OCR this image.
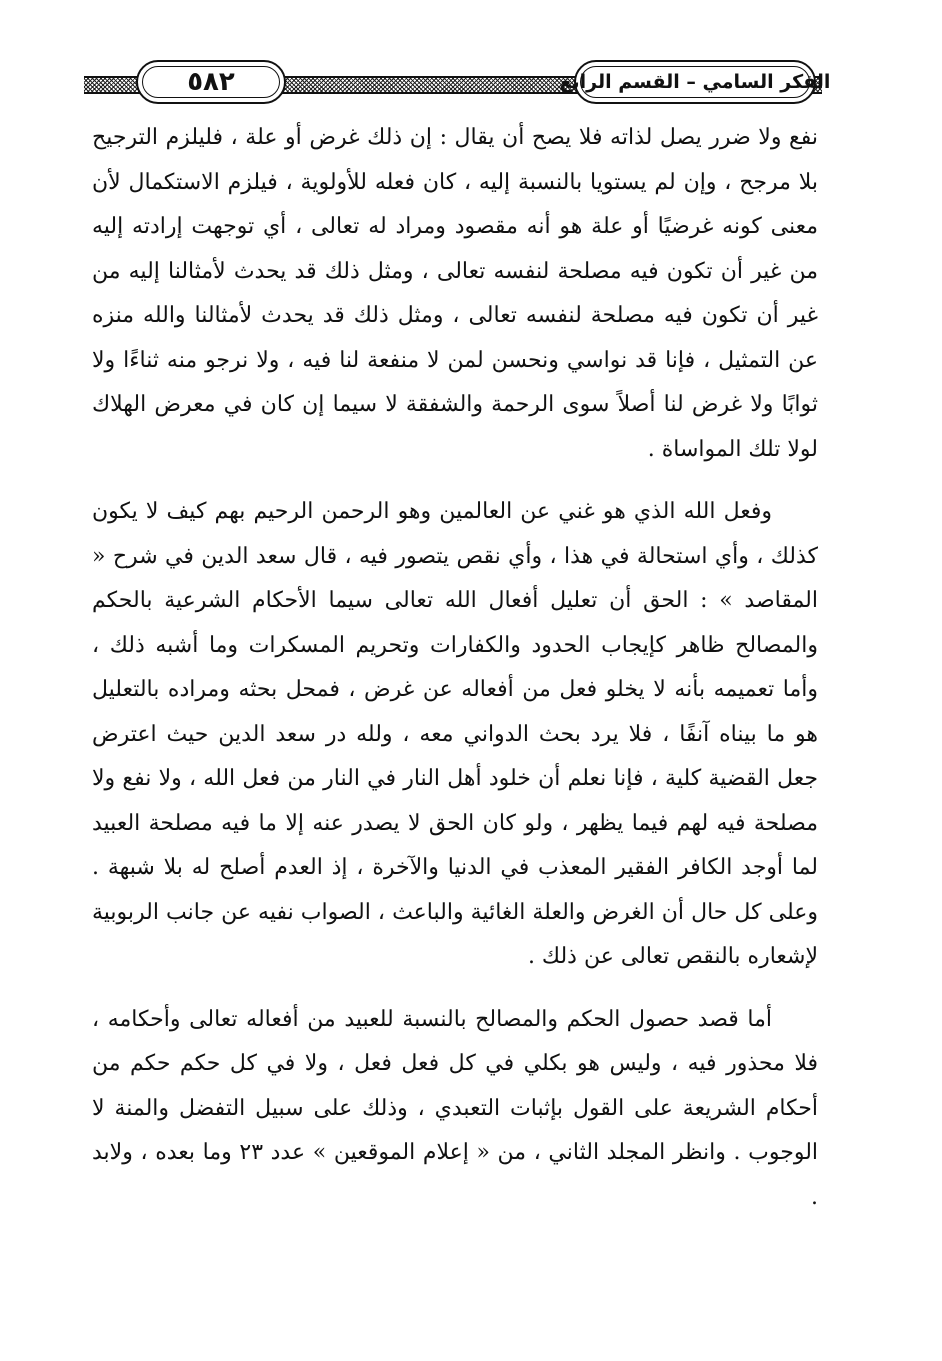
٥٨٢	الفكر السامي – القسم الرابع

نفع ولا ضرر يصل لذاته فلا يصح أن يقال : إن ذلك غرض أو علة ، فليلزم الترجيح بلا مرجح ، وإن لم يستويا بالنسبة إليه ، كان فعله للأولوية ، فيلزم الاستكمال لأن معنى كونه غرضيًا أو علة هو أنه مقصود ومراد له تعالى ، أي توجهت إرادته إليه من غير أن تكون فيه مصلحة لنفسه تعالى ، ومثل ذلك قد يحدث لأمثالنا إليه من غير أن تكون فيه مصلحة لنفسه تعالى ، ومثل ذلك قد يحدث لأمثالنا والله منزه عن التمثيل ، فإنا قد نواسي ونحسن لمن لا منفعة لنا فيه ، ولا نرجو منه ثناءًا ولا ثوابًا ولا غرض لنا أصلاً سوى الرحمة والشفقة لا سيما إن كان في معرض الهلاك لولا تلك المواساة .

وفعل الله الذي هو غني عن العالمين وهو الرحمن الرحيم بهم كيف لا يكون كذلك ، وأي استحالة في هذا ، وأي نقص يتصور فيه ، قال سعد الدين في شرح « المقاصد » : الحق أن تعليل أفعال الله تعالى سيما الأحكام الشرعية بالحكم والمصالح ظاهر كإيجاب الحدود والكفارات وتحريم المسكرات وما أشبه ذلك ، وأما تعميمه بأنه لا يخلو فعل من أفعاله عن غرض ، فمحل بحثه ومراده بالتعليل هو ما بيناه آنفًا ، فلا يرد بحث الدواني معه ، ولله در سعد الدين حيث اعترض جعل القضية كلية ، فإنا نعلم أن خلود أهل النار في النار من فعل الله ، ولا نفع ولا مصلحة فيه لهم فيما يظهر ، ولو كان الحق لا يصدر عنه إلا ما فيه مصلحة العبيد لما أوجد الكافر الفقير المعذب في الدنيا والآخرة ، إذ العدم أصلح له بلا شبهة . وعلى كل حال أن الغرض والعلة الغائية والباعث ، الصواب نفيه عن جانب الربوبية لإشعاره بالنقص تعالى عن ذلك .

أما قصد حصول الحكم والمصالح بالنسبة للعبيد من أفعاله تعالى وأحكامه ، فلا محذور فيه ، وليس هو بكلي في كل فعل فعل ، ولا في كل حكم حكم من أحكام الشريعة على القول بإثبات التعبدي ، وذلك على سبيل التفضل والمنة لا الوجوب . وانظر المجلد الثاني ، من « إعلام الموقعين » عدد ٢٣ وما بعده ، ولابد .
